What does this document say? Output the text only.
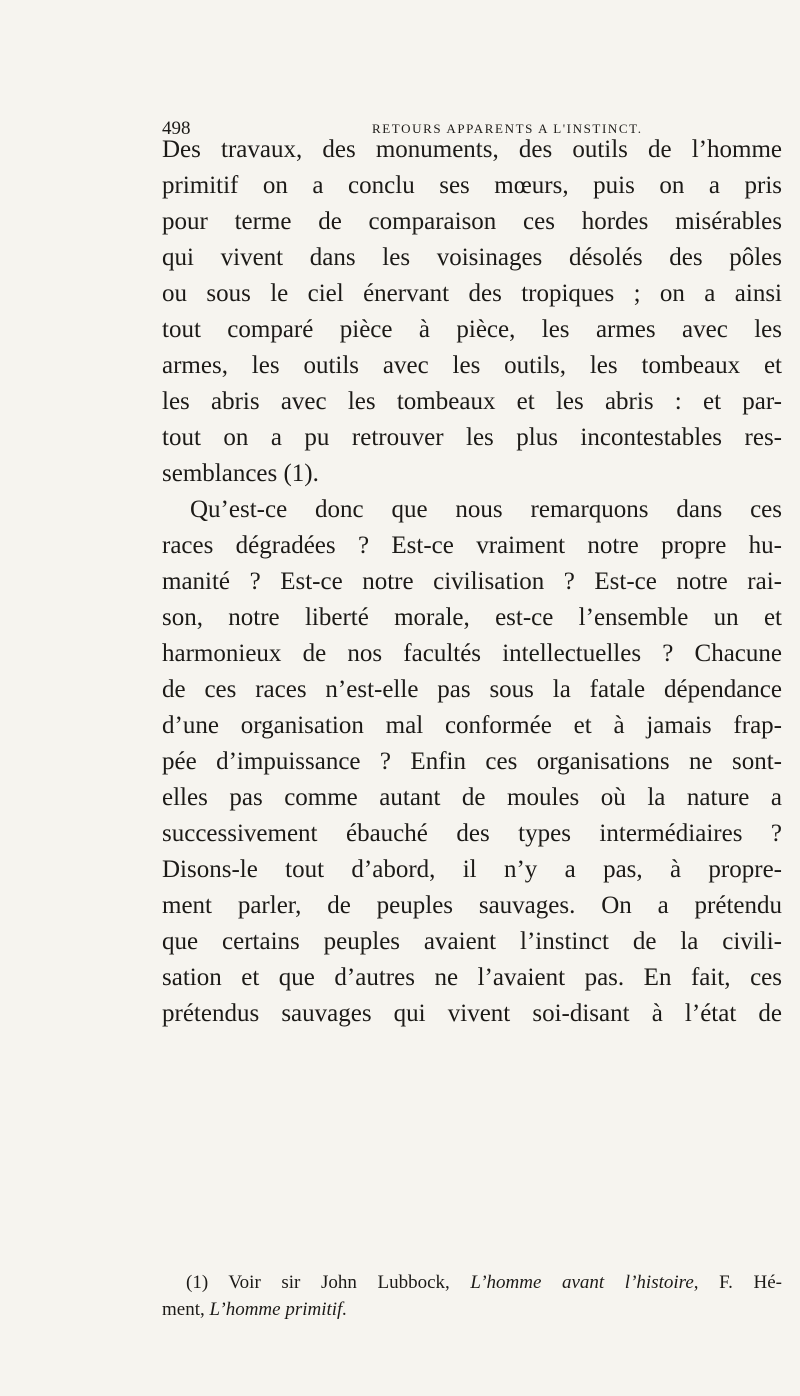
498	RETOURS APPARENTS A L'INSTINCT.
Des travaux, des monuments, des outils de l’homme
primitif on a conclu ses mœurs, puis on a pris
pour terme de comparaison ces hordes misérables
qui vivent dans les voisinages désolés des pôles
ou sous le ciel énervant des tropiques ; on a ainsi
tout comparé pièce à pièce, les armes avec les
armes, les outils avec les outils, les tombeaux et
les abris avec les tombeaux et les abris : et par-
tout on a pu retrouver les plus incontestables res-
semblances (1).
Qu’est-ce donc que nous remarquons dans ces
races dégradées ? Est-ce vraiment notre propre hu-
manité ? Est-ce notre civilisation ? Est-ce notre rai-
son, notre liberté morale, est-ce l’ensemble un et
harmonieux de nos facultés intellectuelles ? Chacune
de ces races n’est-elle pas sous la fatale dépendance
d’une organisation mal conformée et à jamais frap-
pée d’impuissance ? Enfin ces organisations ne sont-
elles pas comme autant de moules où la nature a
successivement ébauché des types intermédiaires ?
Disons-le tout d’abord, il n’y a pas, à propre-
ment parler, de peuples sauvages. On a prétendu
que certains peuples avaient l’instinct de la civili-
sation et que d’autres ne l’avaient pas. En fait, ces
prétendus sauvages qui vivent soi-disant à l’état de
(1) Voir sir John Lubbock, L’homme avant l’histoire, F. Hé-
ment, L’homme primitif.
